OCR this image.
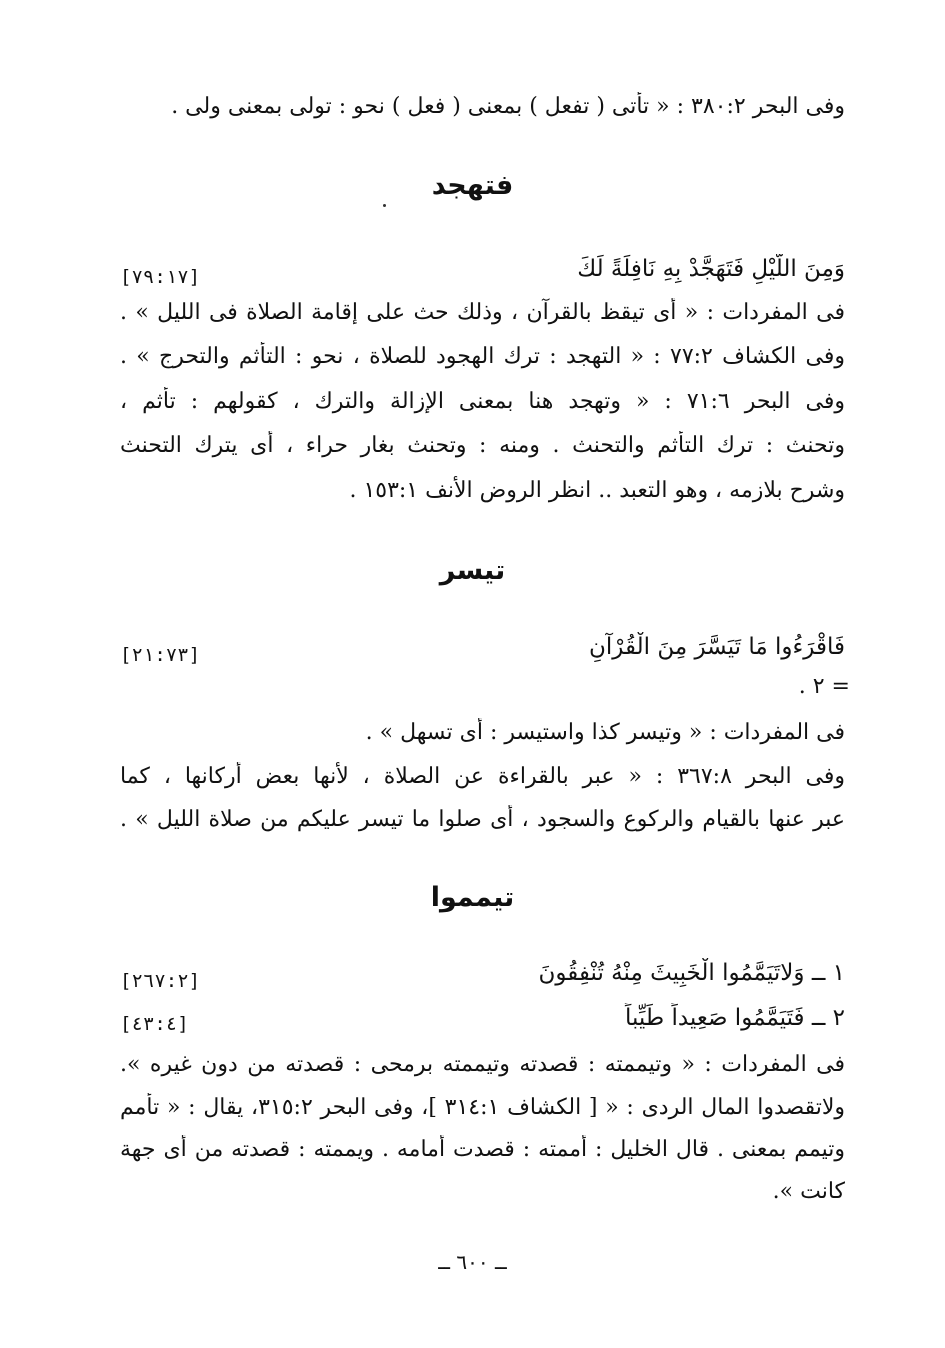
وفى البحر ٣٨٠:٢ : « تأتى ( تفعل ) بمعنى ( فعل ) نحو : تولى بمعنى ولى .
فتهجد
وَمِنَ اللَّيْلِ فَتَهَجَّدْ بِهِ نَافِلَةً لَكَ
[٧٩:١٧]
فى المفردات : « أى تيقظ بالقرآن ، وذلك حث على إقامة الصلاة فى الليل » .
وفى الكشاف ٧٧:٢ : « التهجد : ترك الهجود للصلاة ، نحو : التأثم والتحرج » .
وفى البحر ٧١:٦ : « وتهجد هنا بمعنى الإزالة والترك ، كقولهم : تأثم ،
وتحنث : ترك التأثم والتحنث . ومنه : وتحنث بغار حراء ، أى يترك التحنث
وشرح بلازمه ، وهو التعبد .. انظر الروض الأنف ١٥٣:١ .
تيسر
فَاقْرَءُوا مَا تَيَسَّرَ مِنَ الْقُرْآنِ
[٢١:٧٣]
= ٢ .
فى المفردات : « وتيسر كذا واستيسر : أى تسهل » .
وفى البحر ٣٦٧:٨ : « عبر بالقراءة عن الصلاة ، لأنها بعض أركانها ، كما
عبر عنها بالقيام والركوع والسجود ، أى صلوا ما تيسر عليكم من صلاة الليل » .
تيمموا
١ ــ وَلاتَيَمَّمُوا الْخَبِيثَ مِنْهُ تُنْفِقُونَ
[٢٦٧:٢]
٢ ــ فَتَيَمَّمُوا صَعِيداً طَيِّباً
[٤٣:٤]
فى المفردات : « وتيممته : قصدته وتيممته برمحى : قصدته من دون غيره ».
ولاتقصدوا المال الردى : « [ الكشاف ٣١٤:١ ]، وفى البحر ٣١٥:٢، يقال : « تأمم
وتيمم بمعنى . قال الخليل : أممته : قصدت أمامه . ويممته : قصدته من أى جهة
كانت ».
ــ ٦٠٠ ــ
